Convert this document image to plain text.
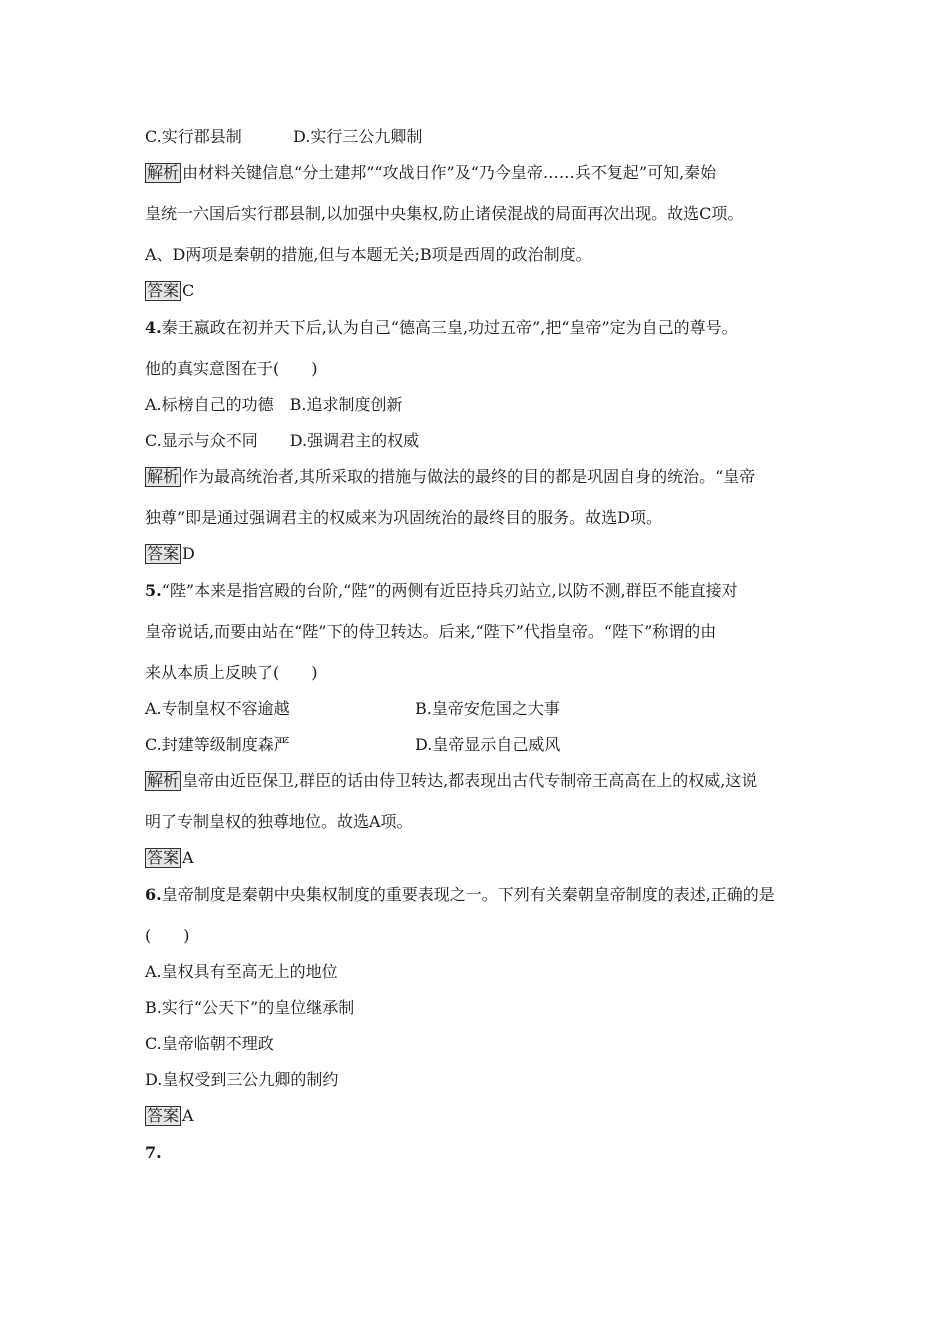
C.实行郡县制	D.实行三公九卿制
解析 由材料关键信息“分土建邦”“攻战日作”及“乃今皇帝……兵不复起”可知,秦始
皇统一六国后实行郡县制,以加强中央集权,防止诸侯混战的局面再次出现。故选C项。
A、D两项是秦朝的措施,但与本题无关;B项是西周的政治制度。
答案 C
4.秦王嬴政在初并天下后,认为自己“德高三皇,功过五帝”,把“皇帝”定为自己的尊号。
他的真实意图在于(　　)
A.标榜自己的功德　B.追求制度创新
C.显示与众不同　　D.强调君主的权威
解析 作为最高统治者,其所采取的措施与做法的最终的目的都是巩固自身的统治。“皇帝
独尊”即是通过强调君主的权威来为巩固统治的最终目的服务。故选D项。
答案 D
5.“陛”本来是指宫殿的台阶,“陛”的两侧有近臣持兵刃站立,以防不测,群臣不能直接对
皇帝说话,而要由站在“陛”下的侍卫转达。后来,“陛下”代指皇帝。“陛下”称谓的由
来从本质上反映了(　　)
A.专制皇权不容逾越	B.皇帝安危国之大事
C.封建等级制度森严	D.皇帝显示自己威风
解析 皇帝由近臣保卫,群臣的话由侍卫转达,都表现出古代专制帝王高高在上的权威,这说
明了专制皇权的独尊地位。故选A项。
答案 A
6.皇帝制度是秦朝中央集权制度的重要表现之一。下列有关秦朝皇帝制度的表述,正确的是
(　　)
A.皇权具有至高无上的地位
B.实行“公天下”的皇位继承制
C.皇帝临朝不理政
D.皇权受到三公九卿的制约
答案 A
7.
